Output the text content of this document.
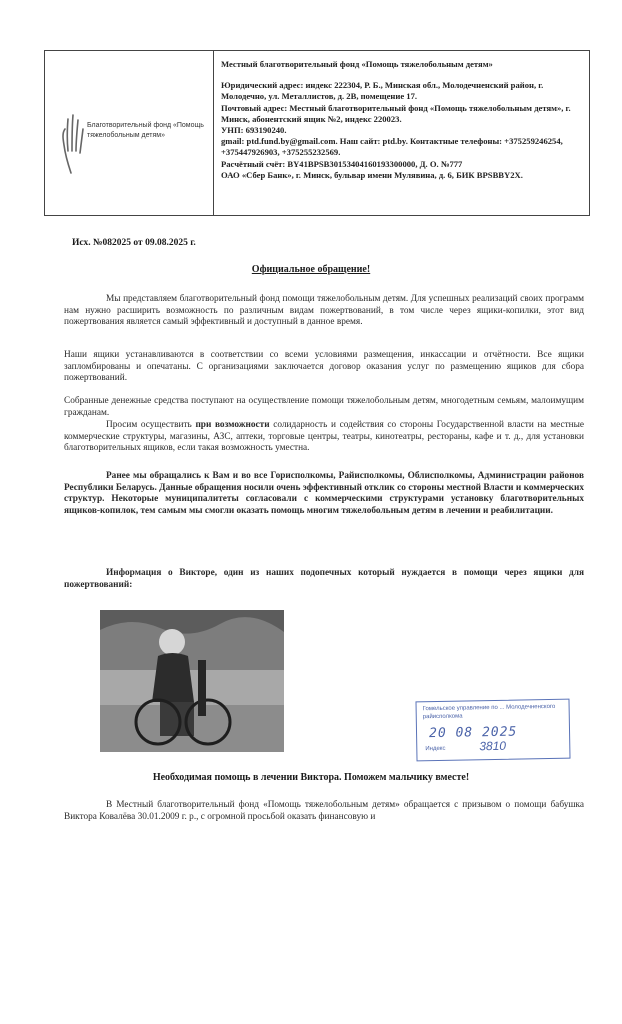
Благотворительный фонд «Помощь тяжелобольным детям»

Местный благотворительный фонд «Помощь тяжелобольным детям»

Юридический адрес: индекс 222304, Р. Б., Минская обл., Молодечненский район, г. Молодечно, ул. Металлистов, д. 2В, помещение 17.

Почтовый адрес: Местный благотворительный фонд «Помощь тяжелобольным детям», г. Минск, абонентский ящик №2, индекс 220023.

УНП: 693190240.

gmail: ptd.fund.by@gmail.com. Наш сайт: ptd.by. Контактные телефоны: +375259246254, +375447926903, +375255232569.

Расчётный счёт: BY41BPSB30153404160193300000, Д. О. №777

ОАО «Сбер Банк», г. Минск, бульвар имени Мулявина, д. 6, БИК BPSBBY2X.

Исх. №082025 от 09.08.2025 г.
Официальное обращение!

Мы представляем благотворительный фонд помощи тяжелобольным детям. Для успешных реализаций своих программ нам нужно расширить возможность по различным видам пожертвований, в том числе через ящики-копилки, этот вид пожертвования является самый эффективный и доступный в данное время.

Наши ящики устанавливаются в соответствии со всеми условиями размещения, инкассации и отчётности. Все ящики запломбированы и опечатаны. С организациями заключается договор оказания услуг по размещению ящиков для сбора пожертвований.

Собранные денежные средства поступают на осуществление помощи тяжелобольным детям, многодетным семьям, малоимущим гражданам.

Просим осуществить при возможности солидарность и содействия со стороны Государственной власти на местные коммерческие структуры, магазины, АЗС, аптеки, торговые центры, театры, кинотеатры, рестораны, кафе и т. д., для установки благотворительных ящиков, если такая возможность уместна.

Ранее мы обращались к Вам и во все Горисполкомы, Райисполкомы, Облисполкомы, Администрации районов Республики Беларусь. Данные обращения носили очень эффективный отклик со стороны местной Власти и коммерческих структур. Некоторые муниципалитеты согласовали с коммерческими структурами установку благотворительных ящиков-копилок, тем самым мы смогли оказать помощь многим тяжелобольным детям в лечении и реабилитации.

Информация о Викторе, один из наших подопечных который нуждается в помощи через ящики для пожертвований:

Гомельское управление по ... Молодечненского райисполкома
20 08 2025
Индекс	3810
Необходимая помощь в лечении Виктора. Поможем мальчику вместе!

В Местный благотворительный фонд «Помощь тяжелобольным детям» обращается с призывом о помощи бабушка Виктора Ковалёва 30.01.2009 г. р., с огромной просьбой оказать финансовую и
